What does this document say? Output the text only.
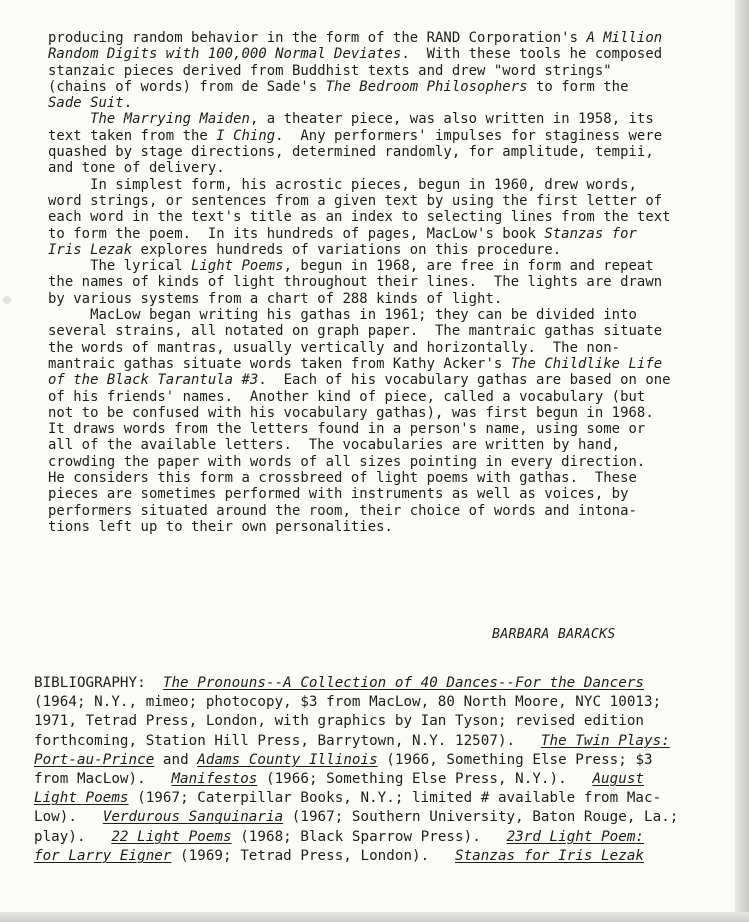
producing random behavior in the form of the RAND Corporation's A Million
Random Digits with 100,000 Normal Deviates.  With these tools he composed
stanzaic pieces derived from Buddhist texts and drew "word strings"
(chains of words) from de Sade's The Bedroom Philosophers to form the
Sade Suit.
The Marrying Maiden, a theater piece, was also written in 1958, its
text taken from the I Ching.  Any performers' impulses for staginess were
quashed by stage directions, determined randomly, for amplitude, tempii,
and tone of delivery.
In simplest form, his acrostic pieces, begun in 1960, drew words,
word strings, or sentences from a given text by using the first letter of
each word in the text's title as an index to selecting lines from the text
to form the poem.  In its hundreds of pages, MacLow's book Stanzas for
Iris Lezak explores hundreds of variations on this procedure.
The lyrical Light Poems, begun in 1968, are free in form and repeat
the names of kinds of light throughout their lines.  The lights are drawn
by various systems from a chart of 288 kinds of light.
MacLow began writing his gathas in 1961; they can be divided into
several strains, all notated on graph paper.  The mantraic gathas situate
the words of mantras, usually vertically and horizontally.  The non-
mantraic gathas situate words taken from Kathy Acker's The Childlike Life
of the Black Tarantula #3.  Each of his vocabulary gathas are based on one
of his friends' names.  Another kind of piece, called a vocabulary (but
not to be confused with his vocabulary gathas), was first begun in 1968.
It draws words from the letters found in a person's name, using some or
all of the available letters.  The vocabularies are written by hand,
crowding the paper with words of all sizes pointing in every direction.
He considers this form a crossbreed of light poems with gathas.  These
pieces are sometimes performed with instruments as well as voices, by
performers situated around the room, their choice of words and intona-
tions left up to their own personalities.
BARBARA BARACKS
BIBLIOGRAPHY:  The Pronouns--A Collection of 40 Dances--For the Dancers
(1964; N.Y., mimeo; photocopy, $3 from MacLow, 80 North Moore, NYC 10013;
1971, Tetrad Press, London, with graphics by Ian Tyson; revised edition
forthcoming, Station Hill Press, Barrytown, N.Y. 12507).   The Twin Plays:
Port-au-Prince and Adams County Illinois (1966, Something Else Press; $3
from MacLow).   Manifestos (1966; Something Else Press, N.Y.).   August
Light Poems (1967; Caterpillar Books, N.Y.; limited # available from Mac-
Low).   Verdurous Sanguinaria (1967; Southern University, Baton Rouge, La.;
play).   22 Light Poems (1968; Black Sparrow Press).   23rd Light Poem:
for Larry Eigner (1969; Tetrad Press, London).   Stanzas for Iris Lezak
